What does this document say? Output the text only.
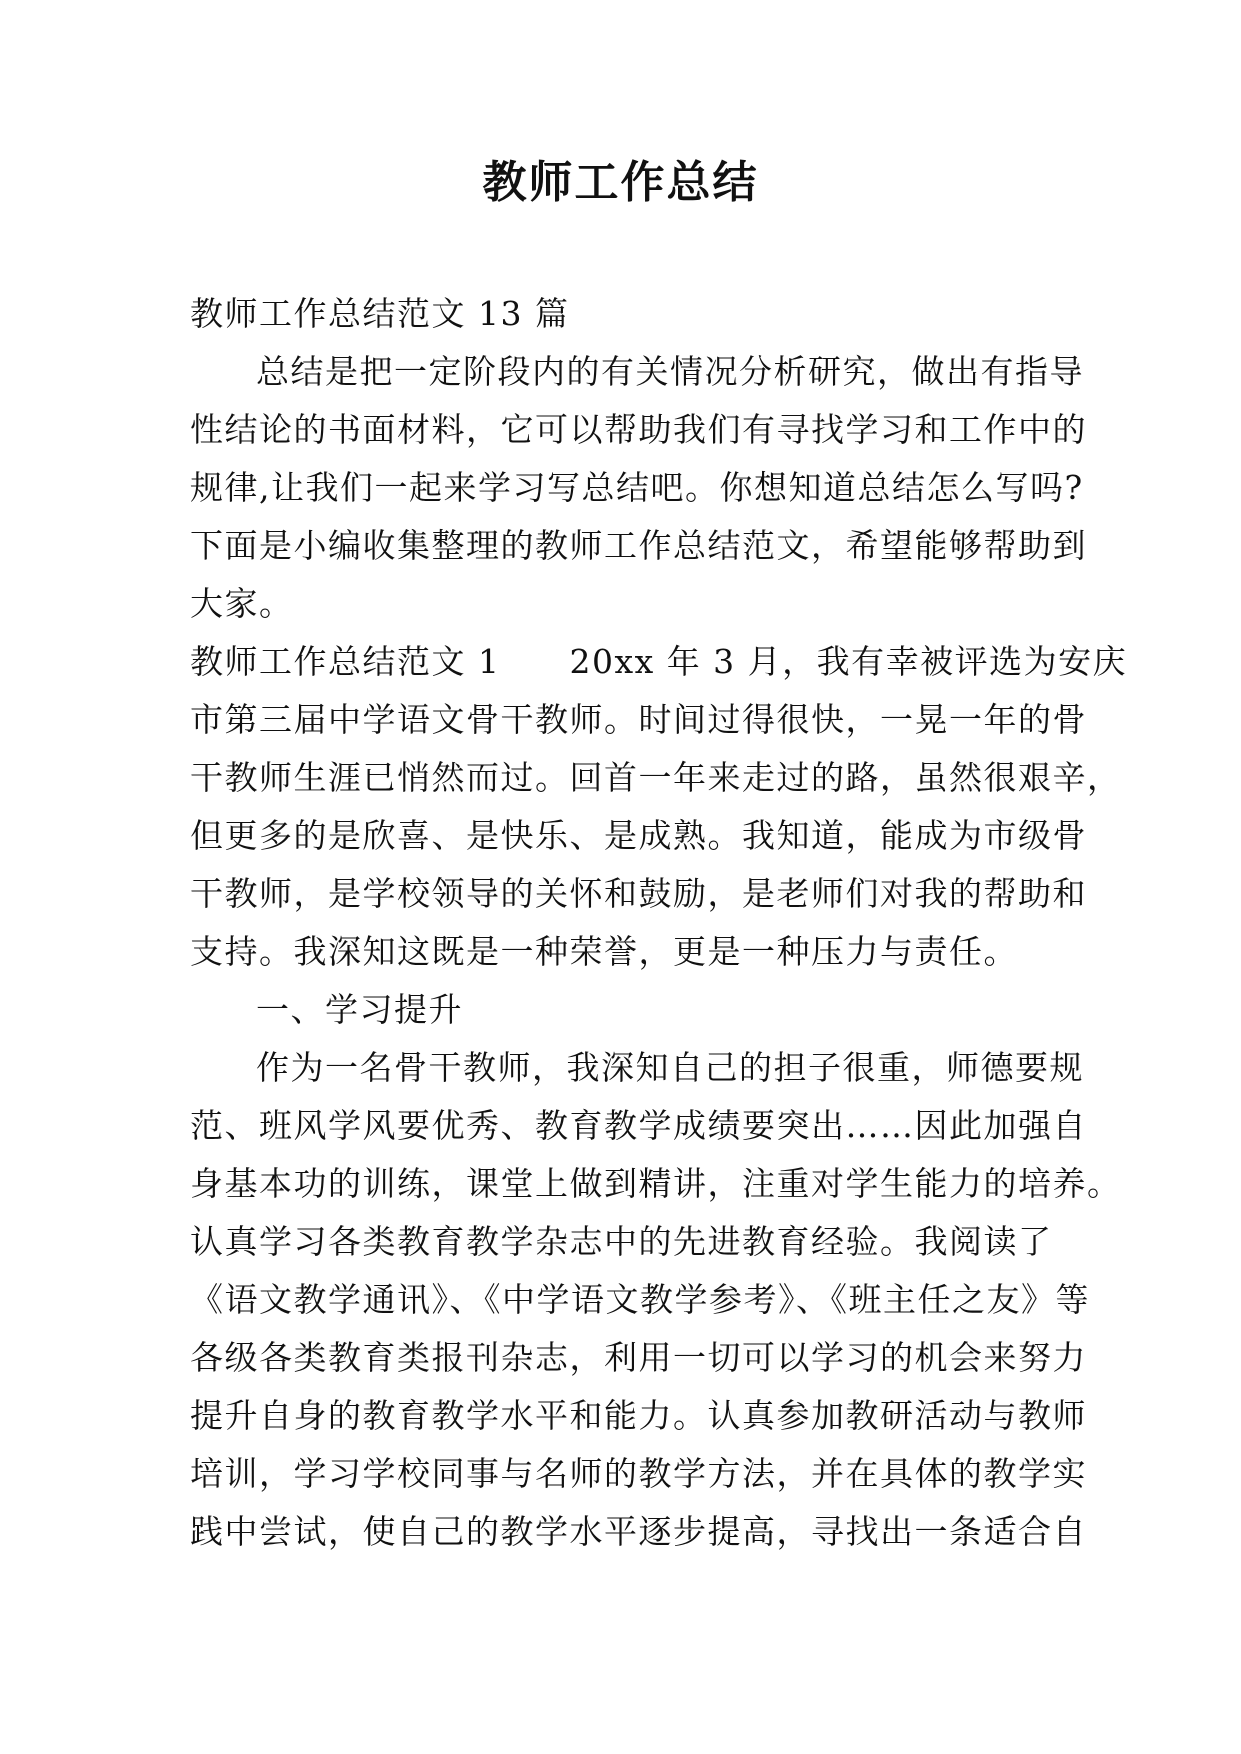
教师工作总结
教师工作总结范文 13 篇
总结是把一定阶段内的有关情况分析研究，做出有指导
性结论的书面材料，它可以帮助我们有寻找学习和工作中的
规律,让我们一起来学习写总结吧。你想知道总结怎么写吗?
下面是小编收集整理的教师工作总结范文，希望能够帮助到
大家。
教师工作总结范文 1　　20xx 年 3 月，我有幸被评选为安庆
市第三届中学语文骨干教师。时间过得很快，一晃一年的骨
干教师生涯已悄然而过。回首一年来走过的路，虽然很艰辛，
但更多的是欣喜、是快乐、是成熟。我知道，能成为市级骨
干教师，是学校领导的关怀和鼓励，是老师们对我的帮助和
支持。我深知这既是一种荣誉，更是一种压力与责任。
一、学习提升
作为一名骨干教师，我深知自己的担子很重，师德要规
范、班风学风要优秀、教育教学成绩要突出……因此加强自
身基本功的训练，课堂上做到精讲，注重对学生能力的培养。
认真学习各类教育教学杂志中的先进教育经验。我阅读了
《语文教学通讯》、《中学语文教学参考》、《班主任之友》等
各级各类教育类报刊杂志，利用一切可以学习的机会来努力
提升自身的教育教学水平和能力。认真参加教研活动与教师
培训，学习学校同事与名师的教学方法，并在具体的教学实
践中尝试，使自己的教学水平逐步提高，寻找出一条适合自
